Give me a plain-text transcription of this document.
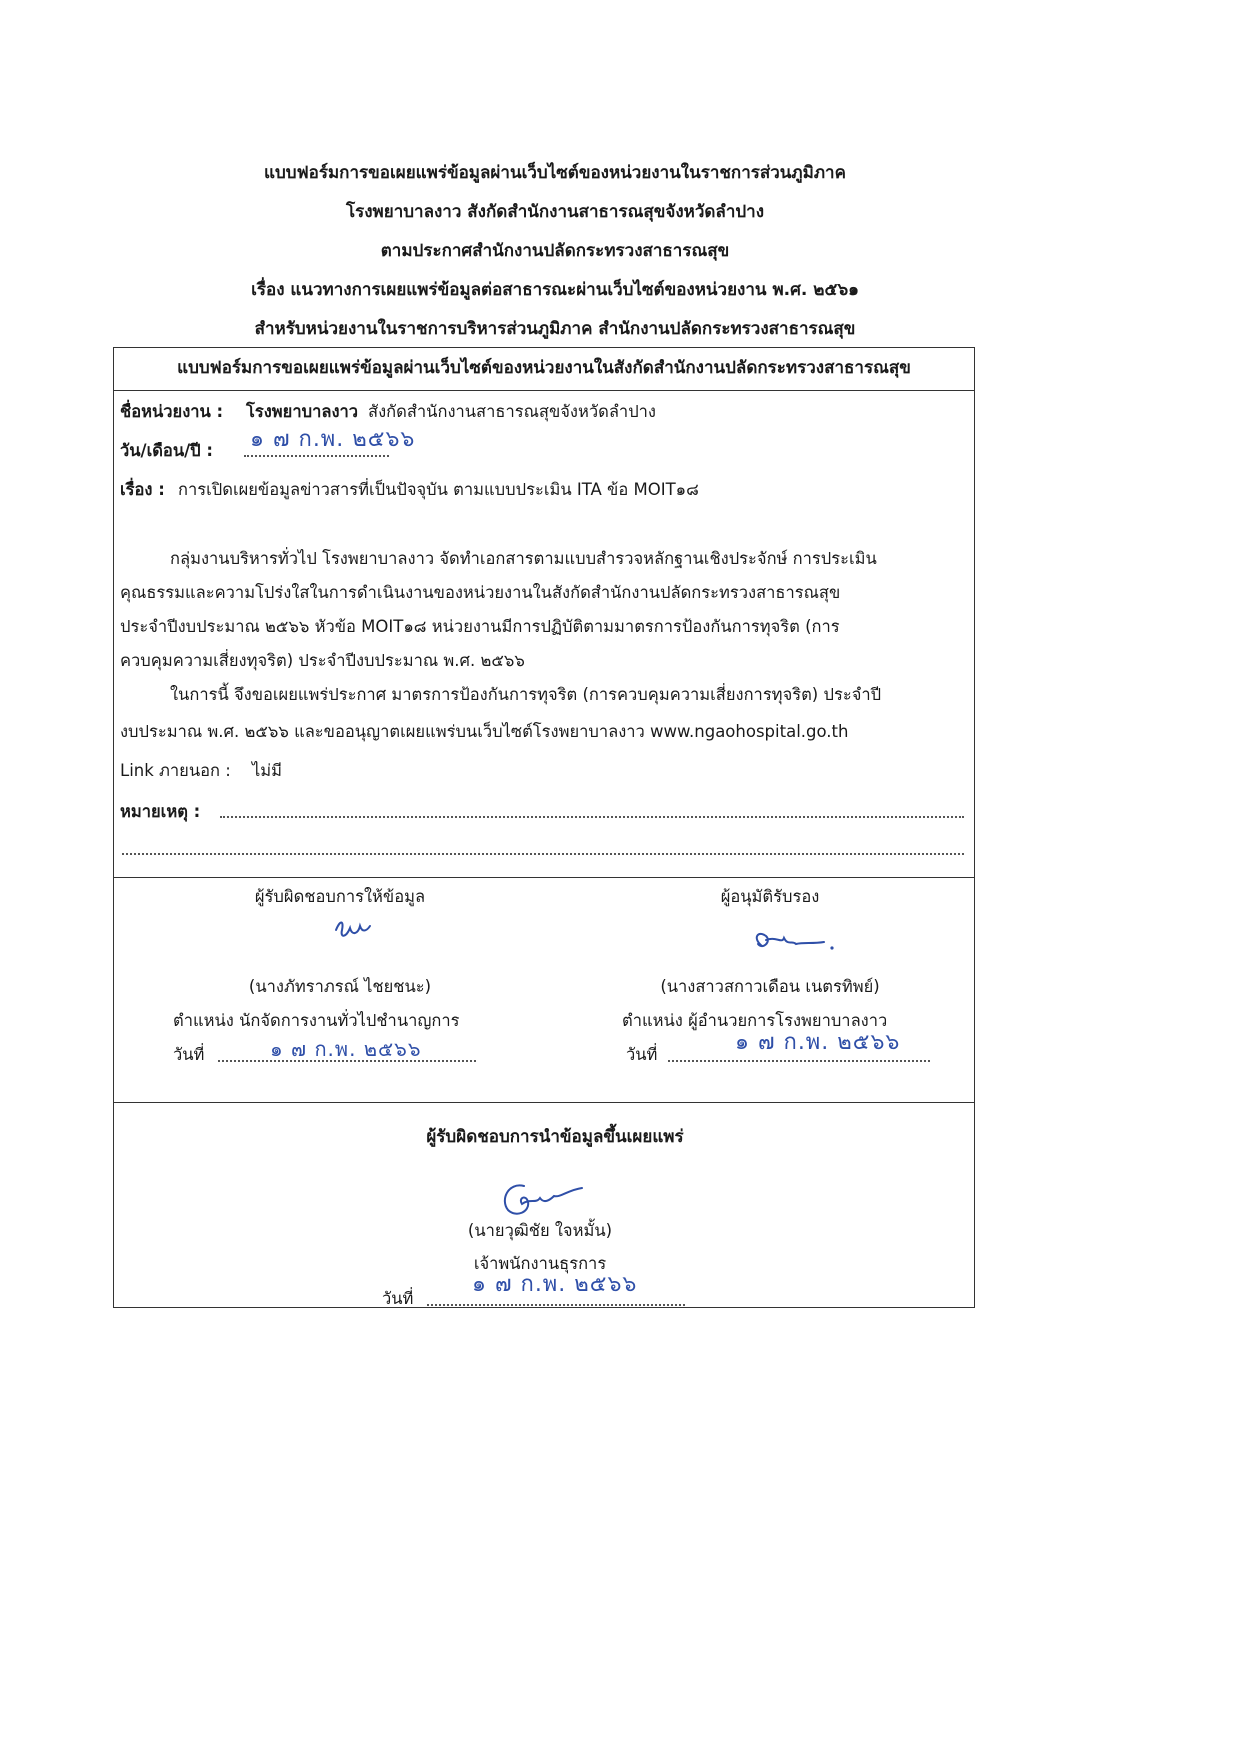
แบบฟอร์มการขอเผยแพร่ข้อมูลผ่านเว็บไซต์ของหน่วยงานในราชการส่วนภูมิภาค
โรงพยาบาลงาว สังกัดสำนักงานสาธารณสุขจังหวัดลำปาง
ตามประกาศสำนักงานปลัดกระทรวงสาธารณสุข
เรื่อง แนวทางการเผยแพร่ข้อมูลต่อสาธารณะผ่านเว็บไซต์ของหน่วยงาน พ.ศ. ๒๕๖๑
สำหรับหน่วยงานในราชการบริหารส่วนภูมิภาค สำนักงานปลัดกระทรวงสาธารณสุข
แบบฟอร์มการขอเผยแพร่ข้อมูลผ่านเว็บไซต์ของหน่วยงานในสังกัดสำนักงานปลัดกระทรวงสาธารณสุข
ชื่อหน่วยงาน : โรงพยาบาลงาว สังกัดสำนักงานสาธารณสุขจังหวัดลำปาง
วัน/เดือน/ปี : ๑ ๗ ก.พ. ๒๕๖๖
เรื่อง : การเปิดเผยข้อมูลข่าวสารที่เป็นปัจจุบัน ตามแบบประเมิน ITA ข้อ MOIT๑๘
กลุ่มงานบริหารทั่วไป โรงพยาบาลงาว จัดทำเอกสารตามแบบสำรวจหลักฐานเชิงประจักษ์ การประเมิน
คุณธรรมและความโปร่งใสในการดำเนินงานของหน่วยงานในสังกัดสำนักงานปลัดกระทรวงสาธารณสุข
ประจำปีงบประมาณ ๒๕๖๖ หัวข้อ MOIT๑๘ หน่วยงานมีการปฏิบัติตามมาตรการป้องกันการทุจริต (การ
ควบคุมความเสี่ยงทุจริต) ประจำปีงบประมาณ พ.ศ. ๒๕๖๖
ในการนี้ จึงขอเผยแพร่ประกาศ มาตรการป้องกันการทุจริต (การควบคุมความเสี่ยงการทุจริต) ประจำปี
งบประมาณ พ.ศ. ๒๕๖๖ และขออนุญาตเผยแพร่บนเว็บไซต์โรงพยาบาลงาว www.ngaohospital.go.th
Link ภายนอก : ไม่มี
หมายเหตุ :
ผู้รับผิดชอบการให้ข้อมูล
(นางภัทราภรณ์ ไชยชนะ)
ตำแหน่ง นักจัดการงานทั่วไปชำนาญการ
วันที่	๑ ๗ ก.พ. ๒๕๖๖
ผู้อนุมัติรับรอง
(นางสาวสกาวเดือน เนตรทิพย์)
ตำแหน่ง ผู้อำนวยการโรงพยาบาลงาว
วันที่	๑ ๗ ก.พ. ๒๕๖๖
ผู้รับผิดชอบการนำข้อมูลขึ้นเผยแพร่
(นายวุฒิชัย ใจหมั้น)
เจ้าพนักงานธุรการ
วันที่
๑ ๗ ก.พ. ๒๕๖๖
